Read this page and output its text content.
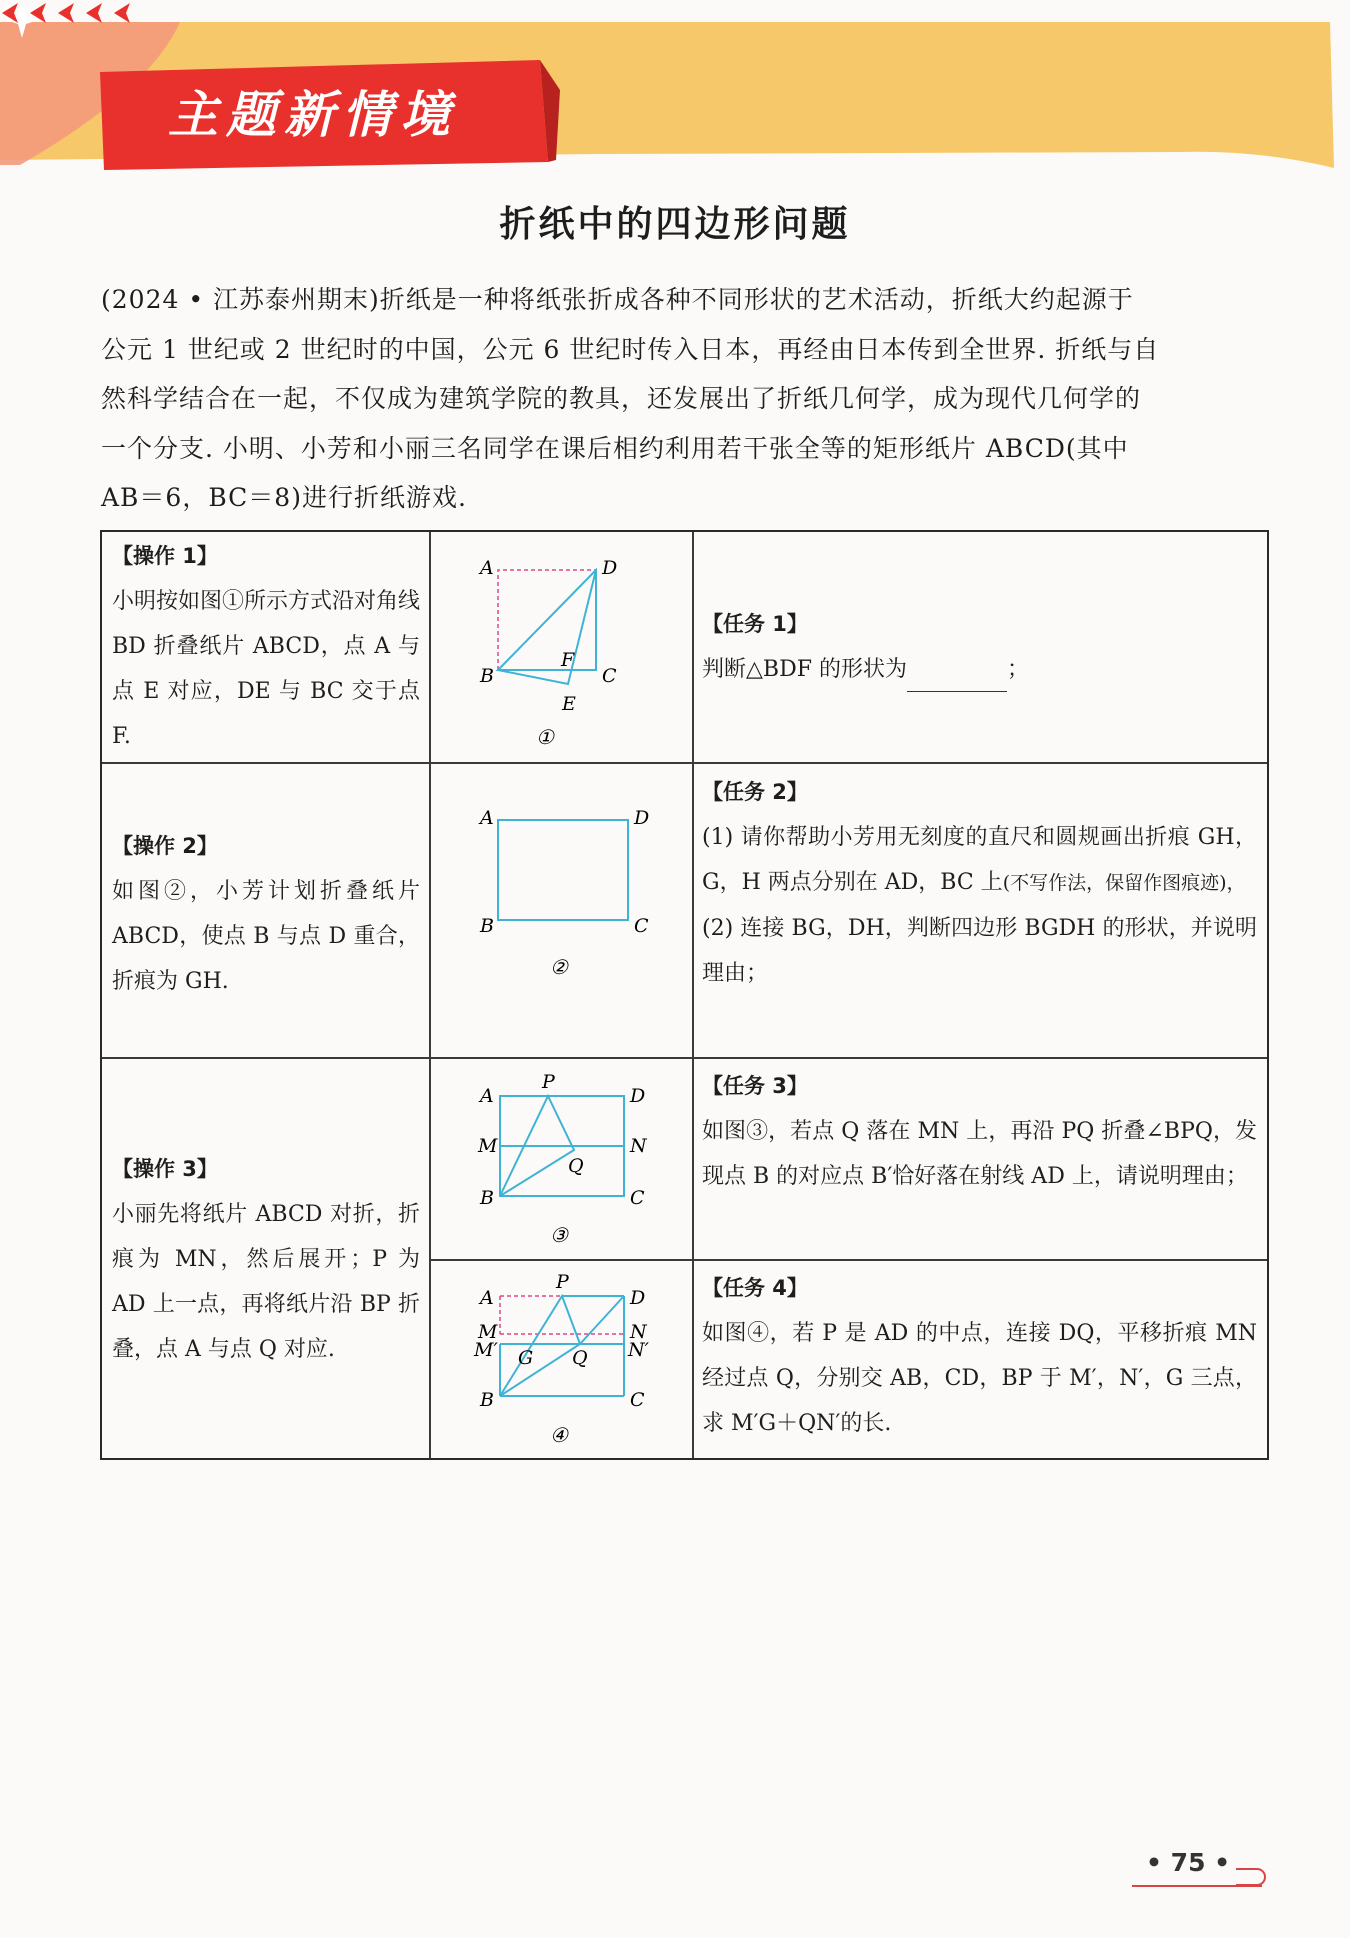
主题新情境
折纸中的四边形问题
(2024 • 江苏泰州期末)折纸是一种将纸张折成各种不同形状的艺术活动，折纸大约起源于
公元 1 世纪或 2 世纪时的中国，公元 6 世纪时传入日本，再经由日本传到全世界. 折纸与自
然科学结合在一起，不仅成为建筑学院的教具，还发展出了折纸几何学，成为现代几何学的
一个分支. 小明、小芳和小丽三名同学在课后相约利用若干张全等的矩形纸片 ABCD(其中
AB＝6，BC＝8)进行折纸游戏.
【操作 1】
小明按如图①所示方式沿对角线 BD 折叠纸片 ABCD，点 A 与点 E 对应，DE 与 BC 交于点 F.
A	D
B	C
E
F
①
【任务 1】
判断△BDF 的形状为	；
【操作 2】
如图②，小芳计划折叠纸片 ABCD，使点 B 与点 D 重合，折痕为 GH.
A	D
B	C
②
【任务 2】
(1) 请你帮助小芳用无刻度的直尺和圆规画出折痕 GH，G，H 两点分别在 AD，BC 上(不写作法，保留作图痕迹)，
(2) 连接 BG，DH，判断四边形 BGDH 的形状，并说明理由；
【操作 3】
小丽先将纸片 ABCD 对折，折痕为 MN，然后展开；P 为 AD 上一点，再将纸片沿 BP 折叠，点 A 与点 Q 对应.
A
P
D
M	N
Q
B	C
③
【任务 3】
如图③，若点 Q 落在 MN 上，再沿 PQ 折叠∠BPQ，发现点 B 的对应点 B′恰好落在射线 AD 上，请说明理由；
A
P
D
M
M′
N
N′
G Q
B	C
④
【任务 4】
如图④，若 P 是 AD 的中点，连接 DQ，平移折痕 MN 经过点 Q，分别交 AB，CD，BP 于 M′，N′，G 三点，求 M′G＋QN′的长.
• 75 •
